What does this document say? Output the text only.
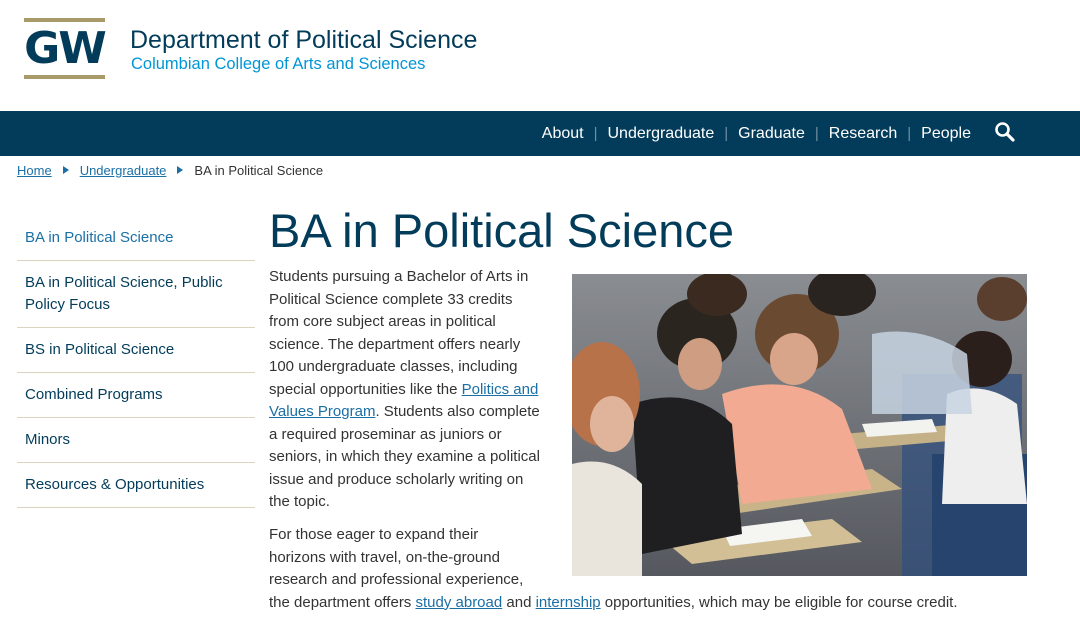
GW Department of Political Science
Columbian College of Arts and Sciences
About | Undergraduate | Graduate | Research | People
Home Undergraduate BA in Political Science
BA in Political Science
BA in Political Science, Public Policy Focus
BS in Political Science
Combined Programs
Minors
Resources & Opportunities
BA in Political Science

Students pursuing a Bachelor of Arts in Political Science complete 33 credits from core subject areas in political science. The department offers nearly 100 undergraduate classes, including special opportunities like the Politics and Values Program. Students also complete a required proseminar as juniors or seniors, in which they examine a political issue and produce scholarly writing on the topic.

For those eager to expand their
horizons with travel, on-the-ground
research and professional experience,
the department offers study abroad and internship opportunities, which may be eligible for course credit.
